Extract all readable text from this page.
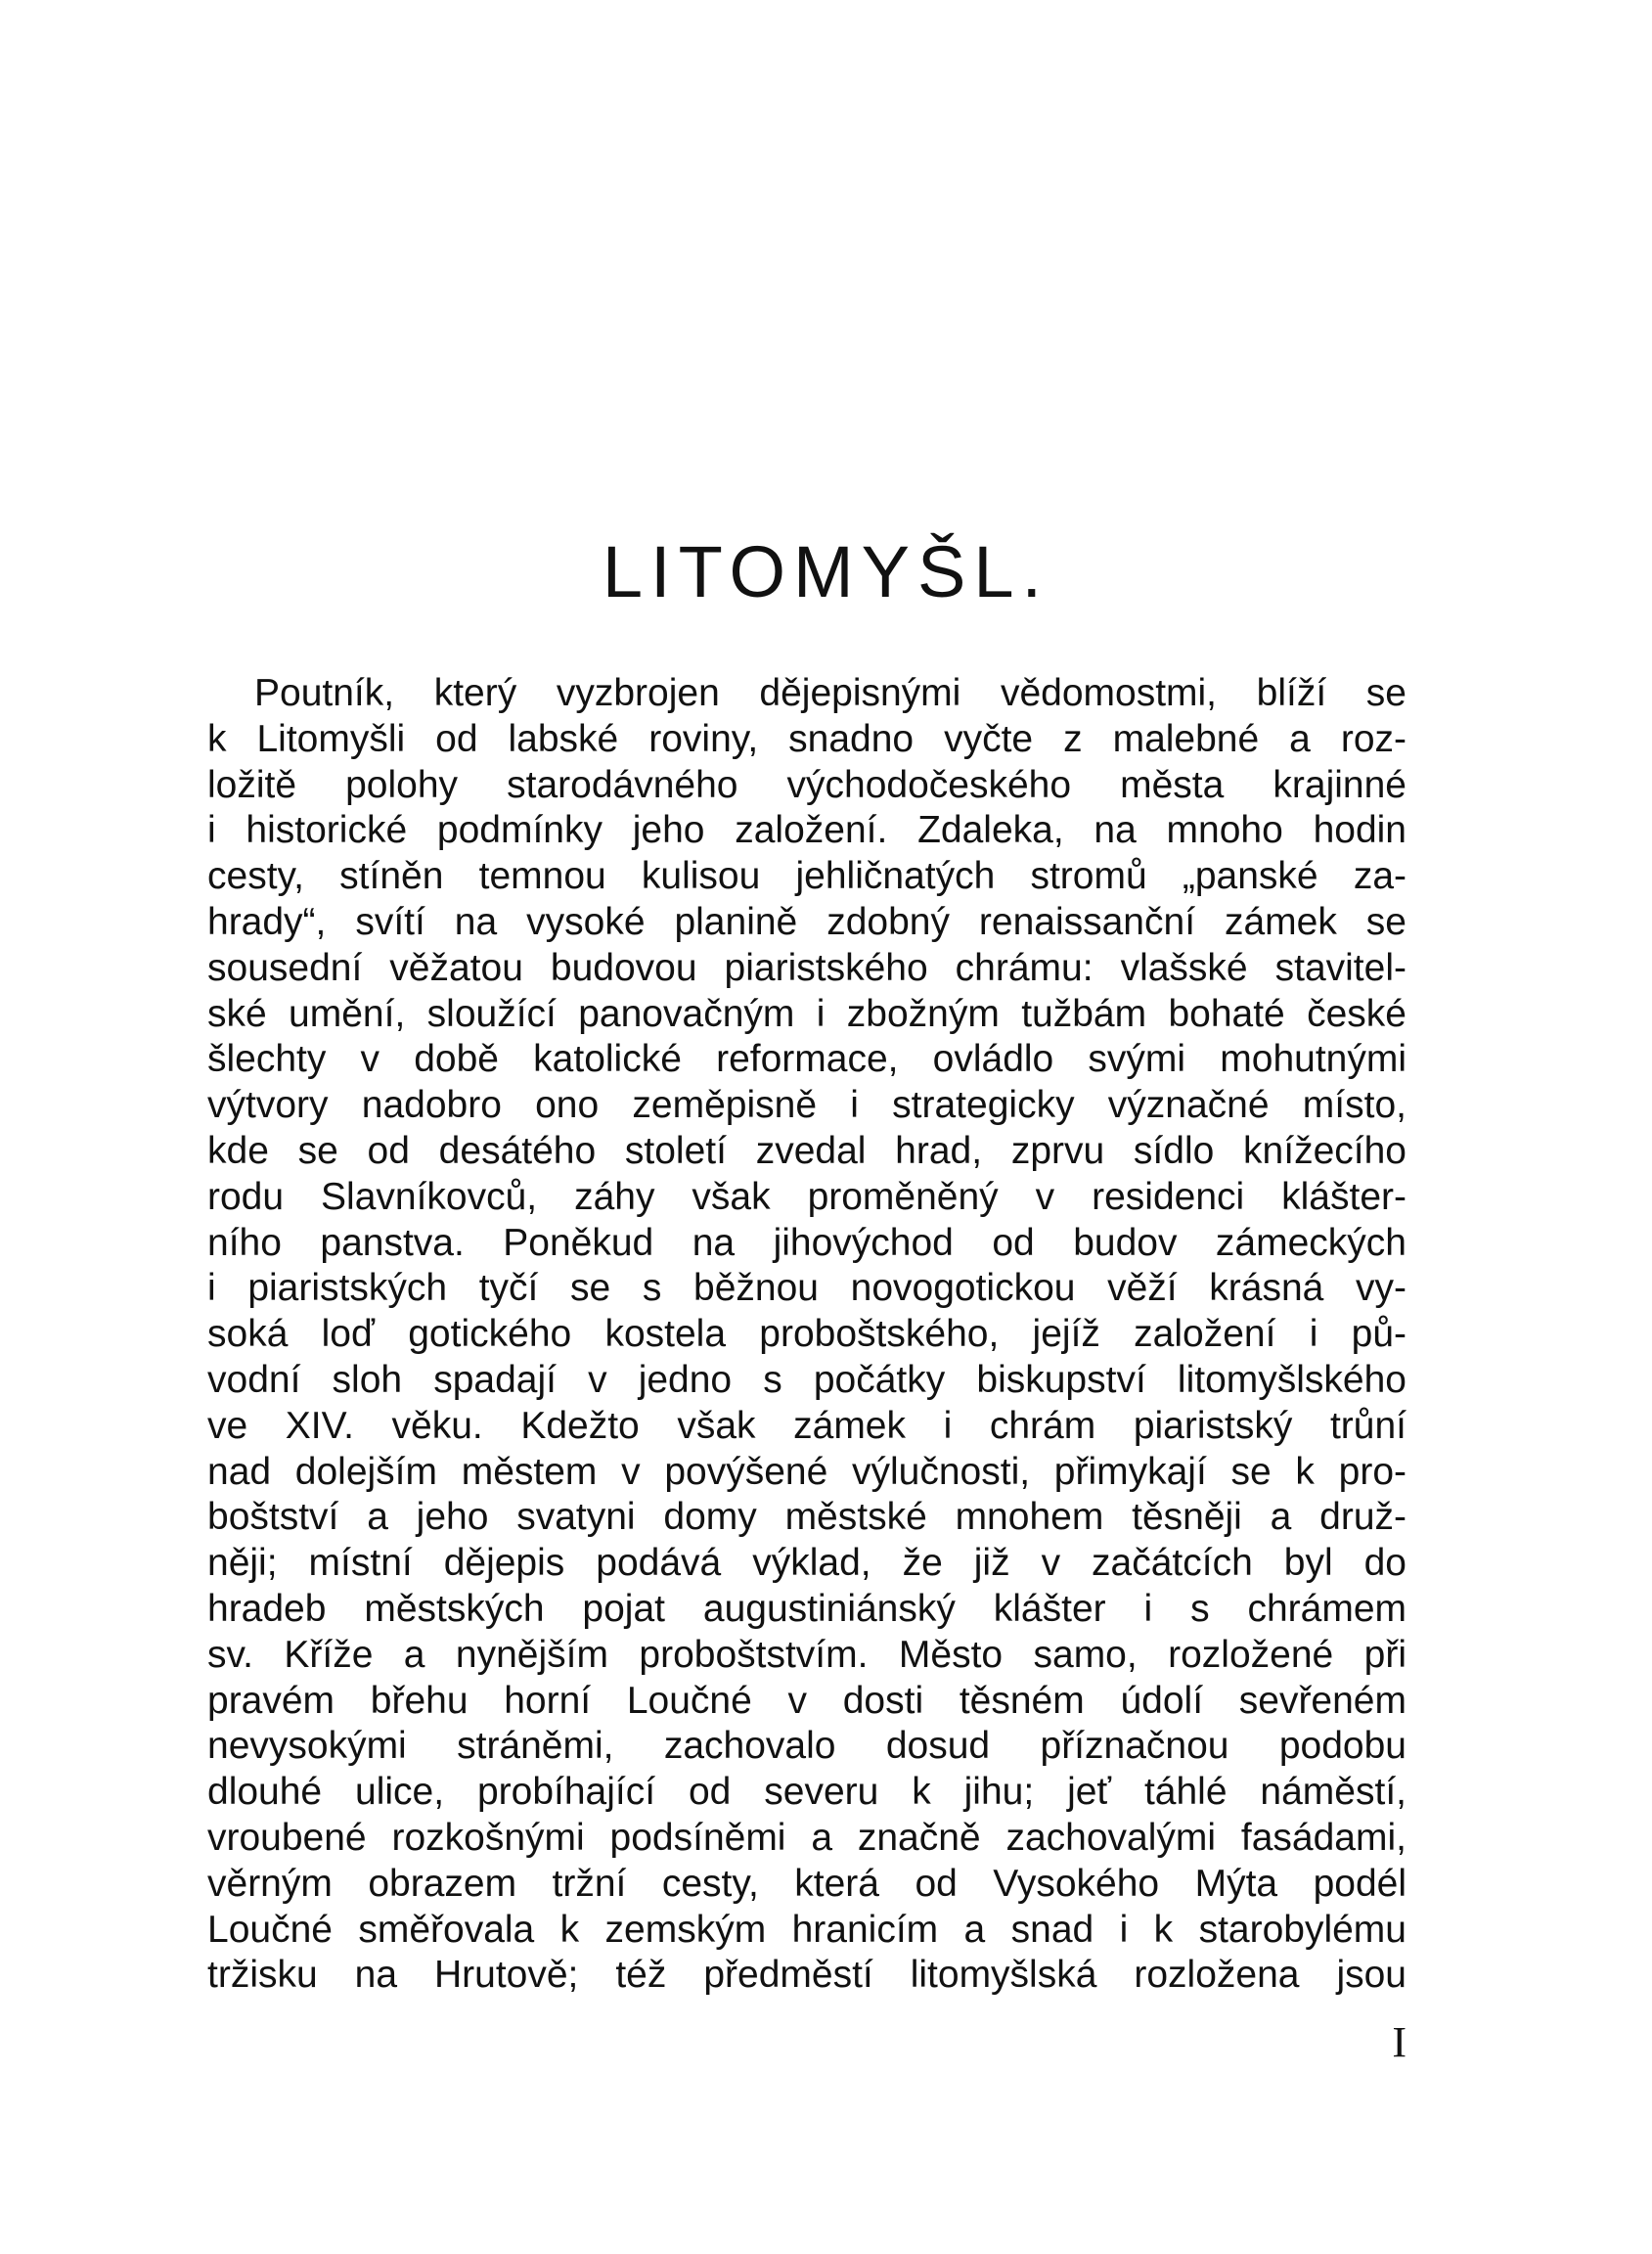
LITOMYŠL.
Poutník, který vyzbrojen dějepisnými vědomostmi, blíží se
k Litomyšli od labské roviny, snadno vyčte z malebné a roz-
ložitě polohy starodávného východočeského města krajinné
i historické podmínky jeho založení. Zdaleka, na mnoho hodin
cesty, stíněn temnou kulisou jehličnatých stromů „panské za-
hrady“, svítí na vysoké planině zdobný renaissanční zámek se
sousední věžatou budovou piaristského chrámu: vlašské stavitel-
ské umění, sloužící panovačným i zbožným tužbám bohaté české
šlechty v době katolické reformace, ovládlo svými mohutnými
výtvory nadobro ono zeměpisně i strategicky význačné místo,
kde se od desátého století zvedal hrad, zprvu sídlo knížecího
rodu Slavníkovců, záhy však proměněný v residenci klášter-
ního panstva. Poněkud na jihovýchod od budov zámeckých
i piaristských tyčí se s běžnou novogotickou věží krásná vy-
soká loď gotického kostela proboštského, jejíž založení i pů-
vodní sloh spadají v jedno s počátky biskupství litomyšlského
ve XIV. věku. Kdežto však zámek i chrám piaristský trůní
nad dolejším městem v povýšené výlučnosti, přimykají se k pro-
boštství a jeho svatyni domy městské mnohem těsněji a druž-
něji; místní dějepis podává výklad, že již v začátcích byl do
hradeb městských pojat augustiniánský klášter i s chrámem
sv. Kříže a nynějším proboštstvím. Město samo, rozložené při
pravém břehu horní Loučné v dosti těsném údolí sevřeném
nevysokými stráněmi, zachovalo dosud příznačnou podobu
dlouhé ulice, probíhající od severu k jihu; jeť táhlé náměstí,
vroubené rozkošnými podsíněmi a značně zachovalými fasádami,
věrným obrazem tržní cesty, která od Vysokého Mýta podél
Loučné směřovala k zemským hranicím a snad i k starobylému
tržisku na Hrutově; též předměstí litomyšlská rozložena jsou
I
